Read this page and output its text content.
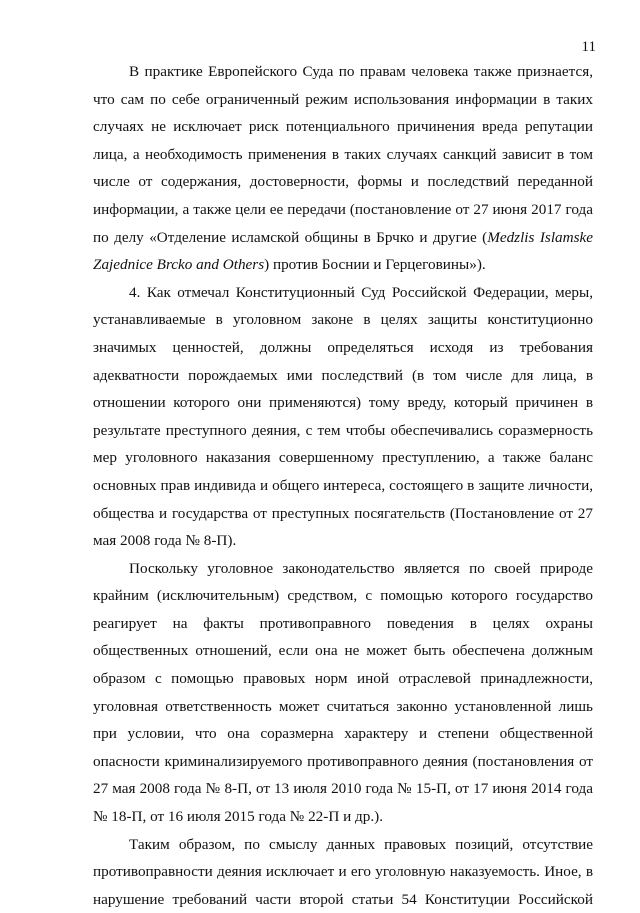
11
В практике Европейского Суда по правам человека также признается,
что сам по себе ограниченный режим использования информации в таких
случаях не исключает риск потенциального причинения вреда репутации
лица, а необходимость применения в таких случаях санкций зависит в том
числе от содержания, достоверности, формы и последствий переданной
информации, а также цели ее передачи (постановление от 27 июня 2017 года
по делу «Отделение исламской общины в Брчко и другие (Medzlis Islamske
Zajednice Brcko and Others) против Боснии и Герцеговины»).
4. Как отмечал Конституционный Суд Российской Федерации, меры,
устанавливаемые в уголовном законе в целях защиты конституционно
значимых ценностей, должны определяться исходя из требования
адекватности порождаемых ими последствий (в том числе для лица, в
отношении которого они применяются) тому вреду, который причинен в
результате преступного деяния, с тем чтобы обеспечивались соразмерность
мер уголовного наказания совершенному преступлению, а также баланс
основных прав индивида и общего интереса, состоящего в защите личности,
общества и государства от преступных посягательств (Постановление от 27
мая 2008 года № 8-П).
Поскольку уголовное законодательство является по своей природе
крайним (исключительным) средством, с помощью которого государство
реагирует на факты противоправного поведения в целях охраны
общественных отношений, если она не может быть обеспечена должным
образом с помощью правовых норм иной отраслевой принадлежности,
уголовная ответственность может считаться законно установленной лишь
при условии, что она соразмерна характеру и степени общественной
опасности криминализируемого противоправного деяния (постановления от
27 мая 2008 года № 8-П, от 13 июля 2010 года № 15-П, от 17 июня 2014 года
№ 18-П, от 16 июля 2015 года № 22-П и др.).
Таким образом, по смыслу данных правовых позиций, отсутствие
противоправности деяния исключает и его уголовную наказуемость. Иное, в
нарушение требований части второй статьи 54 Конституции Российской
